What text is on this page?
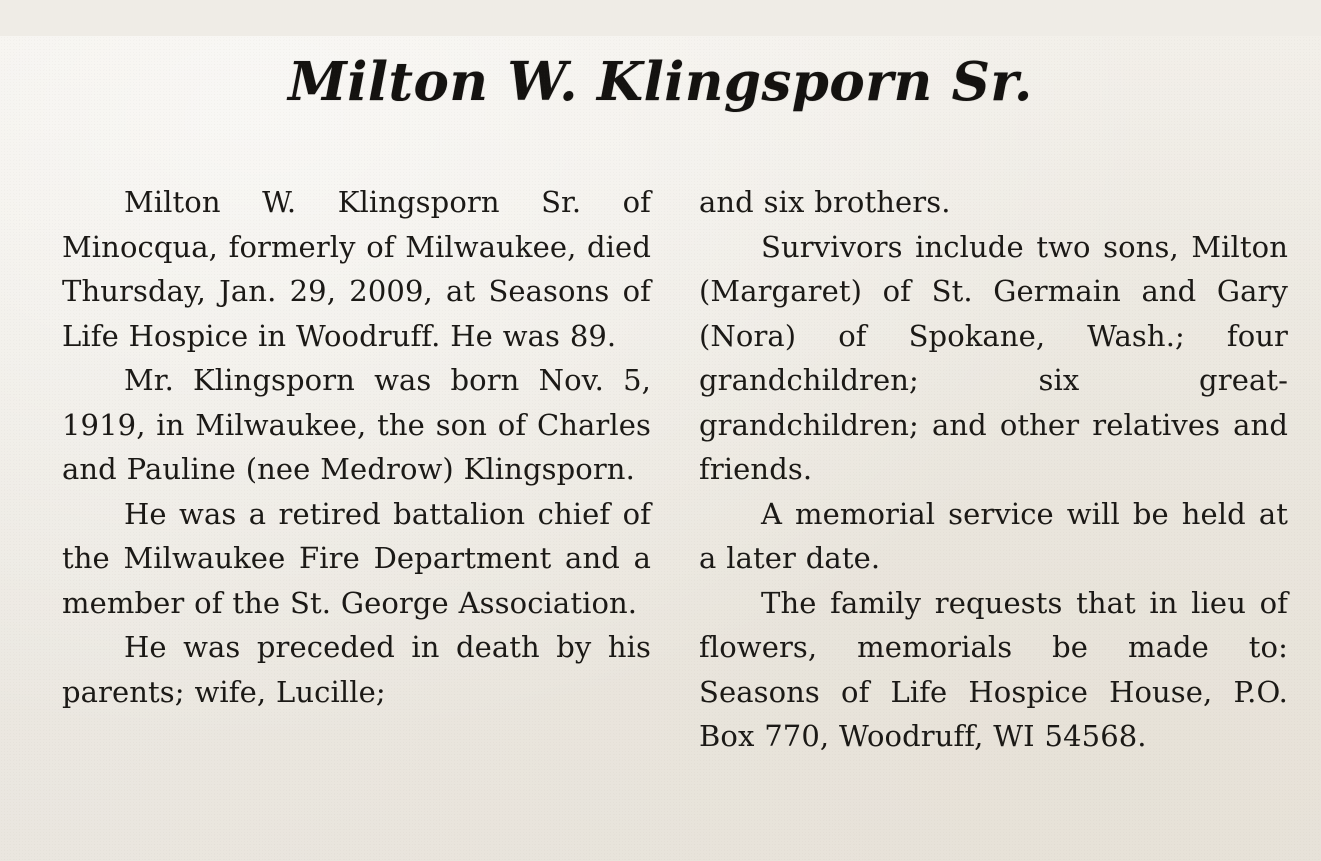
Milton W. Klingsporn Sr.

Milton W. Klingsporn Sr. of Minocqua, formerly of Milwaukee, died Thursday, Jan. 29, 2009, at Seasons of Life Hospice in Woodruff. He was 89.

Mr. Klingsporn was born Nov. 5, 1919, in Milwaukee, the son of Charles and Pauline (nee Medrow) Klingsporn.

He was a retired battalion chief of the Milwaukee Fire Department and a member of the St. George Association.

He was preceded in death by his parents; wife, Lucille;

and six brothers.

Survivors include two sons, Milton (Margaret) of St. Germain and Gary (Nora) of Spokane, Wash.; four grandchildren; six great-grandchildren; and other relatives and friends.

A memorial service will be held at a later date.

The family requests that in lieu of flowers, memorials be made to: Seasons of Life Hospice House, P.O. Box 770, Woodruff, WI 54568.
